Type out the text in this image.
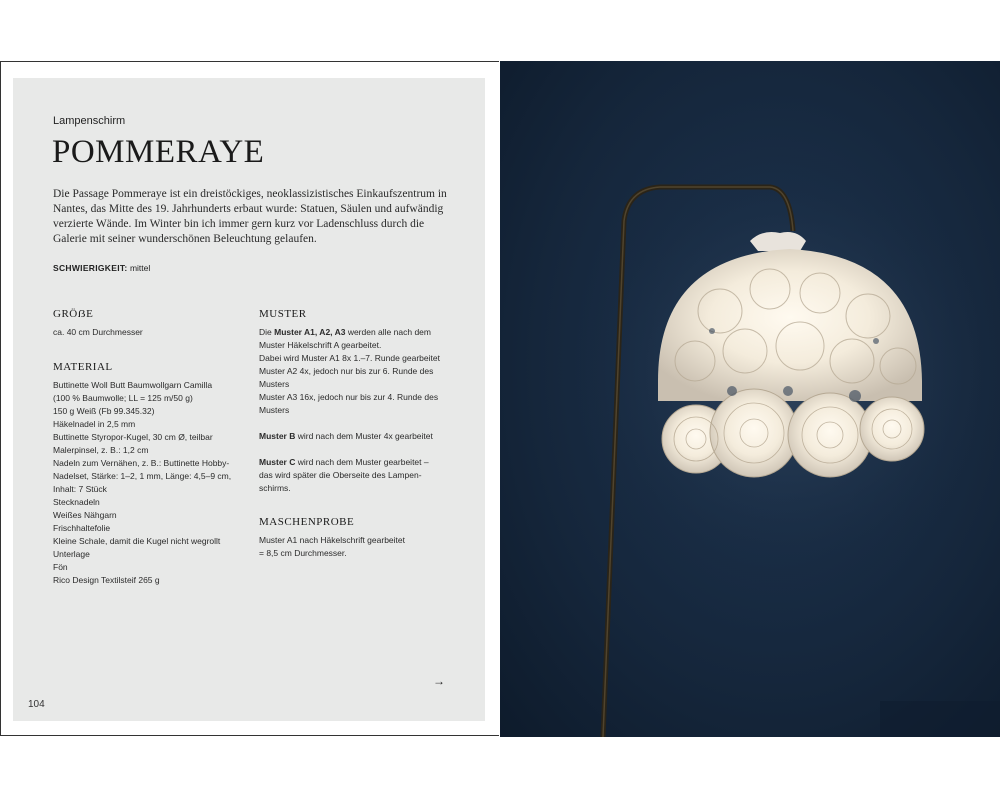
Lampenschirm
POMMERAYE

Die Passage Pommeraye ist ein dreistöckiges, neoklassizistisches Einkaufszentrum in Nantes, das Mitte des 19. Jahrhunderts erbaut wurde: Statuen, Säulen und aufwändig verzierte Wände. Im Winter bin ich immer gern kurz vor Ladenschluss durch die Galerie mit seiner wunderschönen Beleuchtung gelaufen.

SCHWIERIGKEIT: mittel
GRÖẞE
ca. 40 cm Durchmesser
MATERIAL
Buttinette Woll Butt Baumwollgarn Camilla
(100 % Baumwolle; LL = 125 m/50 g)
150 g Weiß (Fb 99.345.32)
Häkelnadel in 2,5 mm
Buttinette Styropor-Kugel, 30 cm Ø, teilbar
Malerpinsel, z. B.: 1,2 cm
Nadeln zum Vernähen, z. B.: Buttinette Hobby-
Nadelset, Stärke: 1–2, 1 mm, Länge: 4,5–9 cm,
Inhalt: 7 Stück
Stecknadeln
Weißes Nähgarn
Frischhaltefolie
Kleine Schale, damit die Kugel nicht wegrollt
Unterlage
Fön
Rico Design Textilsteif 265 g
MUSTER
Die Muster A1, A2, A3 werden alle nach dem
Muster Häkelschrift A gearbeitet.
Dabei wird Muster A1 8x 1.–7. Runde gearbeitet
Muster A2 4x, jedoch nur bis zur 6. Runde des
Musters
Muster A3 16x, jedoch nur bis zur 4. Runde des
Musters
Muster B wird nach dem Muster 4x gearbeitet
Muster C wird nach dem Muster gearbeitet –
das wird später die Oberseite des Lampen-
schirms.
MASCHENPROBE
Muster A1 nach Häkelschrift gearbeitet
= 8,5 cm Durchmesser.
→
104
